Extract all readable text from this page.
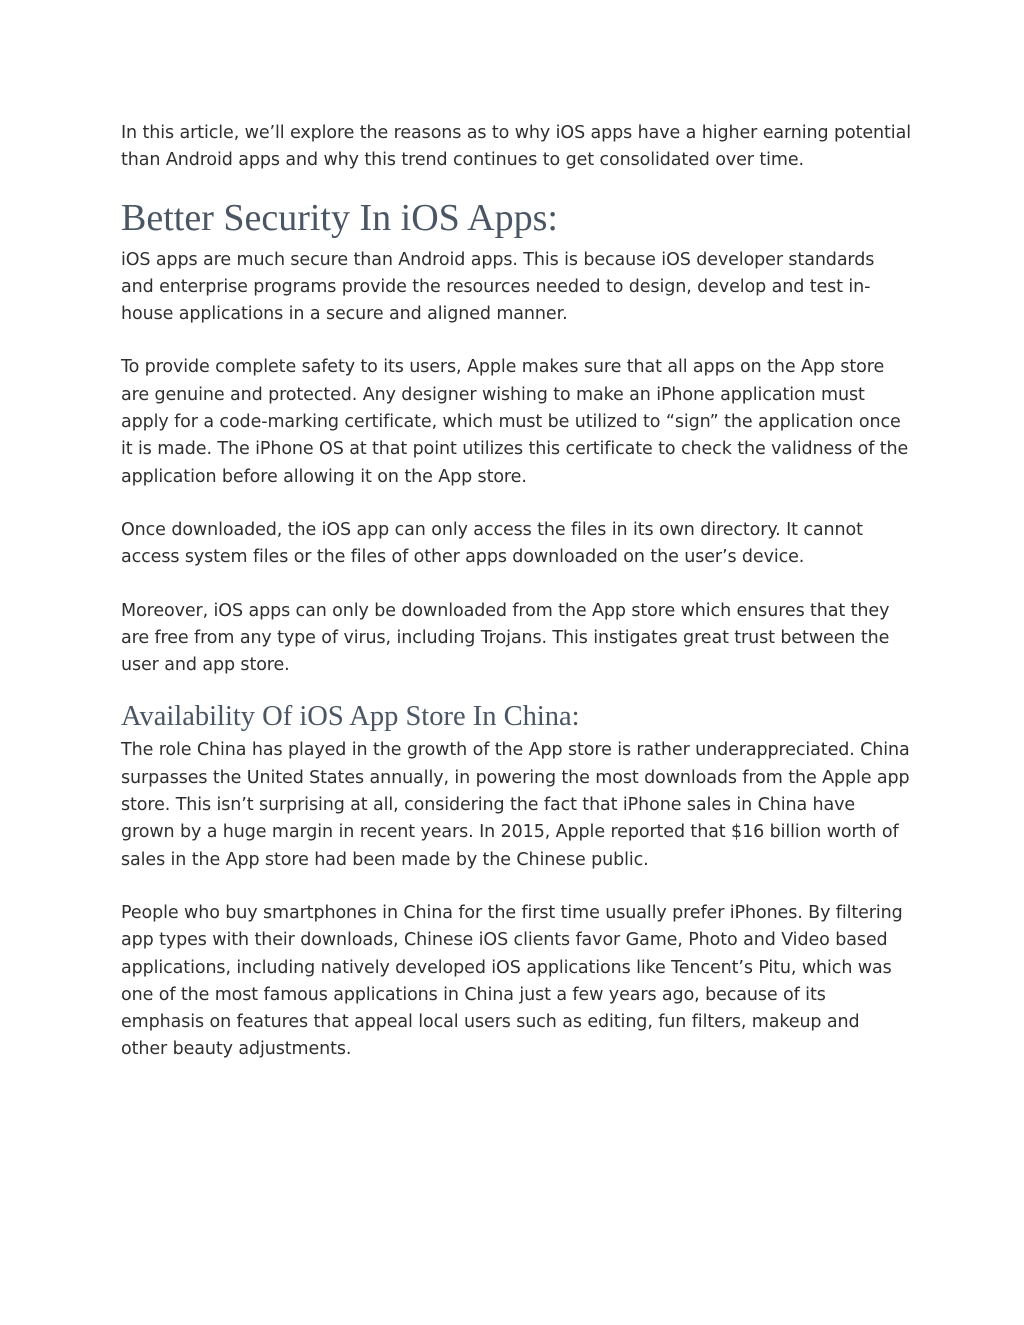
In this article, we’ll explore the reasons as to why iOS apps have a higher earning potential than Android apps and why this trend continues to get consolidated over time.

Better Security In iOS Apps:

iOS apps are much secure than Android apps. This is because iOS developer standards and enterprise programs provide the resources needed to design, develop and test in-house applications in a secure and aligned manner.

To provide complete safety to its users, Apple makes sure that all apps on the App store are genuine and protected. Any designer wishing to make an iPhone application must apply for a code-marking certificate, which must be utilized to “sign” the application once it is made. The iPhone OS at that point utilizes this certificate to check the validness of the application before allowing it on the App store.

Once downloaded, the iOS app can only access the files in its own directory. It cannot access system files or the files of other apps downloaded on the user’s device.

Moreover, iOS apps can only be downloaded from the App store which ensures that they are free from any type of virus, including Trojans. This instigates great trust between the user and app store.

Availability Of iOS App Store In China:

The role China has played in the growth of the App store is rather underappreciated. China surpasses the United States annually, in powering the most downloads from the Apple app store. This isn’t surprising at all, considering the fact that iPhone sales in China have grown by a huge margin in recent years. In 2015, Apple reported that $16 billion worth of sales in the App store had been made by the Chinese public.

People who buy smartphones in China for the first time usually prefer iPhones. By filtering app types with their downloads, Chinese iOS clients favor Game, Photo and Video based applications, including natively developed iOS applications like Tencent’s Pitu, which was one of the most famous applications in China just a few years ago, because of its emphasis on features that appeal local users such as editing, fun filters, makeup and other beauty adjustments.
